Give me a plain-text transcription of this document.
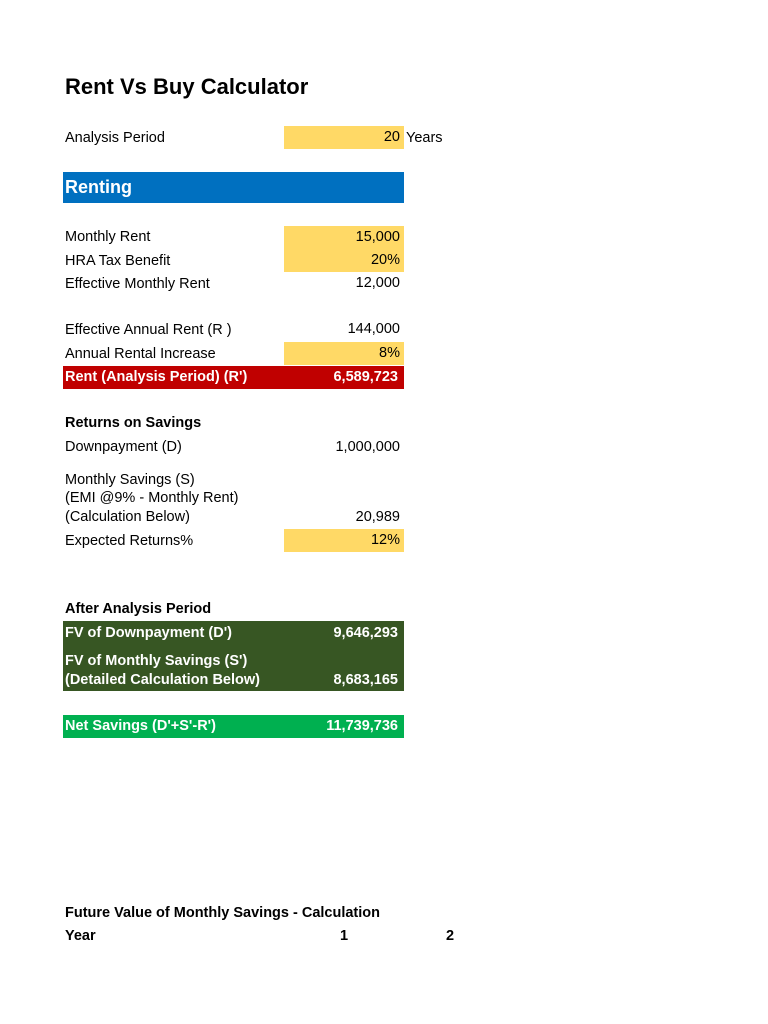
Rent Vs Buy Calculator
Analysis Period	20 Years
Renting
Monthly Rent	15,000
HRA Tax Benefit	20%
Effective Monthly Rent	12,000
Effective Annual Rent (R )	144,000
Annual Rental Increase	8%
Rent (Analysis Period) (R')	6,589,723
Returns on Savings
Downpayment (D)	1,000,000
Monthly Savings (S)
(EMI @9% - Monthly Rent)
(Calculation Below)	20,989
Expected Returns%	12%
After Analysis Period
FV of Downpayment (D')	9,646,293
FV of Monthly Savings (S')
(Detailed Calculation Below)	8,683,165
Net Savings (D'+S'-R')	11,739,736
Future Value of Monthly Savings - Calculation
Year	1	2
